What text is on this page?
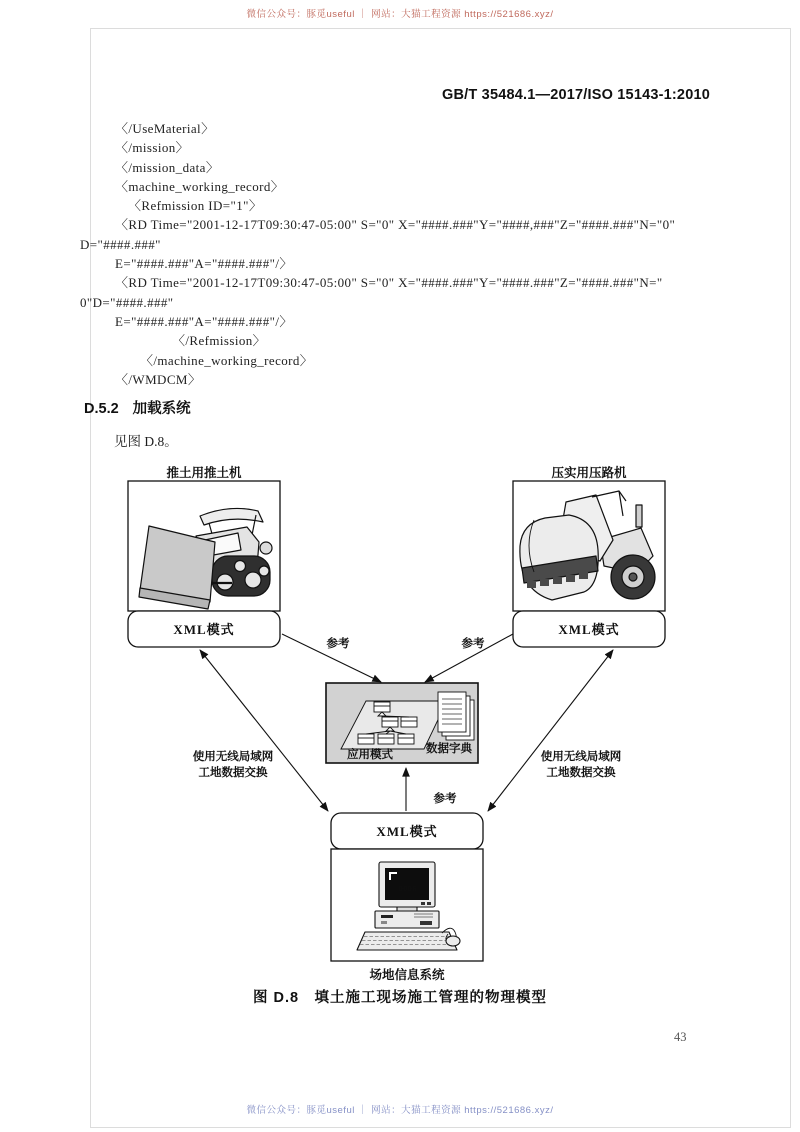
微信公众号：豚觅useful ｜ 网站：大猫工程资源 https://521686.xyz/
微信公众号：豚觅useful ｜ 网站：大猫工程资源 https://521686.xyz/
GB/T 35484.1—2017/ISO 15143-1:2010
〈/UseMaterial〉
〈/mission〉
〈/mission_data〉
〈machine_working_record〉
〈Refmission ID="1"〉
〈RD Time="2001-12-17T09:30:47-05:00" S="0" X="####.###"Y="####,###"Z="####.###"N="0"
D="####.###"
E="####.###"A="####.###"/〉
〈RD Time="2001-12-17T09:30:47-05:00" S="0" X="####.###"Y="####.###"Z="####.###"N="
0"D="####.###"
E="####.###"A="####.###"/〉
〈/Refmission〉
〈/machine_working_record〉
〈/WMDCM〉
D.5.2 加载系统
见图 D.8。
推土用推土机	压实用压路机
XML模式	XML模式
应用模式	数据字典
参考	参考
参考
使用无线局域网
工地数据交换
使用无线局域网
工地数据交换
XML模式
0006
场地信息系统
图 D.8　填土施工现场施工管理的物理模型
43
